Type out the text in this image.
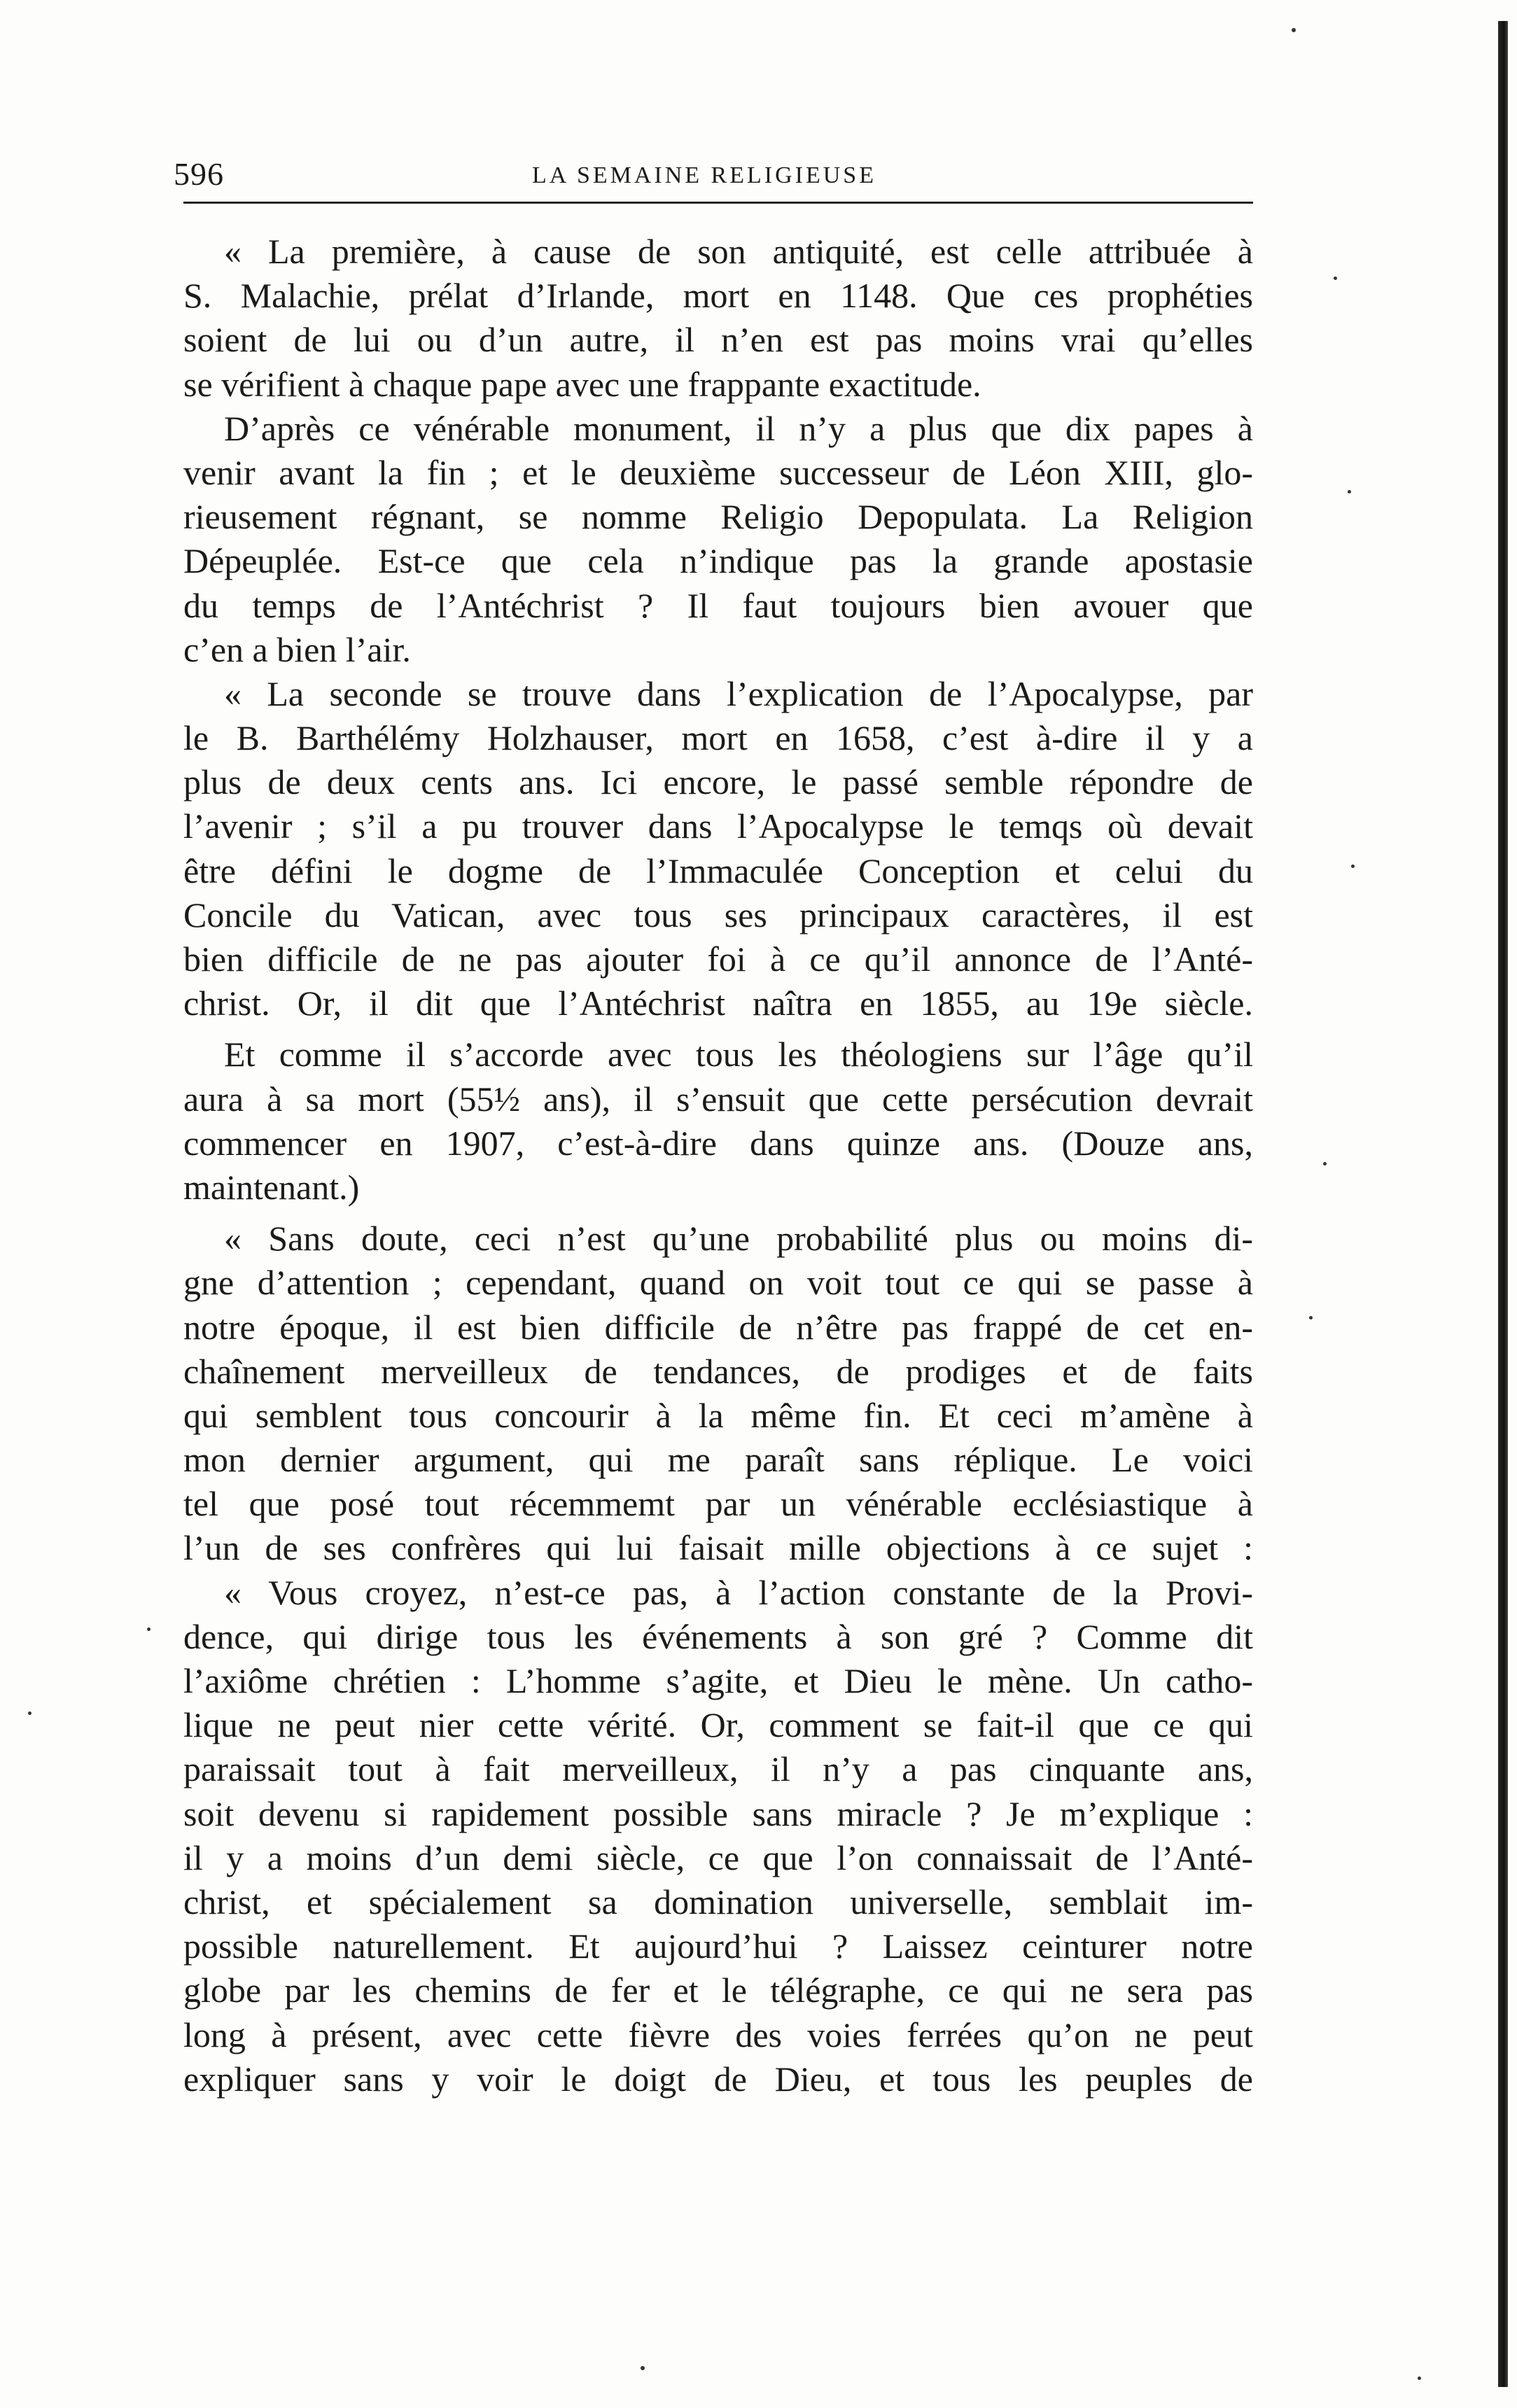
596	LA SEMAINE RELIGIEUSE
« La première, à cause de son antiquité, est celle attribuée à
S. Malachie, prélat d’Irlande, mort en 1148. Que ces prophéties
soient de lui ou d’un autre, il n’en est pas moins vrai qu’elles
se vérifient à chaque pape avec une frappante exactitude.
D’après ce vénérable monument, il n’y a plus que dix papes à
venir avant la fin ; et le deuxième successeur de Léon XIII, glo-
rieusement régnant, se nomme Religio Depopulata. La Religion
Dépeuplée. Est-ce que cela n’indique pas la grande apostasie
du temps de l’Antéchrist ? Il faut toujours bien avouer que
c’en a bien l’air.
« La seconde se trouve dans l’explication de l’Apocalypse, par
le B. Barthélémy Holzhauser, mort en 1658, c’est à-dire il y a
plus de deux cents ans. Ici encore, le passé semble répondre de
l’avenir ; s’il a pu trouver dans l’Apocalypse le temqs où devait
être défini le dogme de l’Immaculée Conception et celui du
Concile du Vatican, avec tous ses principaux caractères, il est
bien difficile de ne pas ajouter foi à ce qu’il annonce de l’Anté-
christ. Or, il dit que l’Antéchrist naîtra en 1855, au 19e siècle.
Et comme il s’accorde avec tous les théologiens sur l’âge qu’il
aura à sa mort (55½ ans), il s’ensuit que cette persécution devrait
commencer en 1907, c’est-à-dire dans quinze ans. (Douze ans,
maintenant.)
« Sans doute, ceci n’est qu’une probabilité plus ou moins di-
gne d’attention ; cependant, quand on voit tout ce qui se passe à
notre époque, il est bien difficile de n’être pas frappé de cet en-
chaînement merveilleux de tendances, de prodiges et de faits
qui semblent tous concourir à la même fin. Et ceci m’amène à
mon dernier argument, qui me paraît sans réplique. Le voici
tel que posé tout récemmemt par un vénérable ecclésiastique à
l’un de ses confrères qui lui faisait mille objections à ce sujet :
« Vous croyez, n’est-ce pas, à l’action constante de la Provi-
dence, qui dirige tous les événements à son gré ? Comme dit
l’axiôme chrétien : L’homme s’agite, et Dieu le mène. Un catho-
lique ne peut nier cette vérité. Or, comment se fait-il que ce qui
paraissait tout à fait merveilleux, il n’y a pas cinquante ans,
soit devenu si rapidement possible sans miracle ? Je m’explique :
il y a moins d’un demi siècle, ce que l’on connaissait de l’Anté-
christ, et spécialement sa domination universelle, semblait im-
possible naturellement. Et aujourd’hui ? Laissez ceinturer notre
globe par les chemins de fer et le télégraphe, ce qui ne sera pas
long à présent, avec cette fièvre des voies ferrées qu’on ne peut
expliquer sans y voir le doigt de Dieu, et tous les peuples de
